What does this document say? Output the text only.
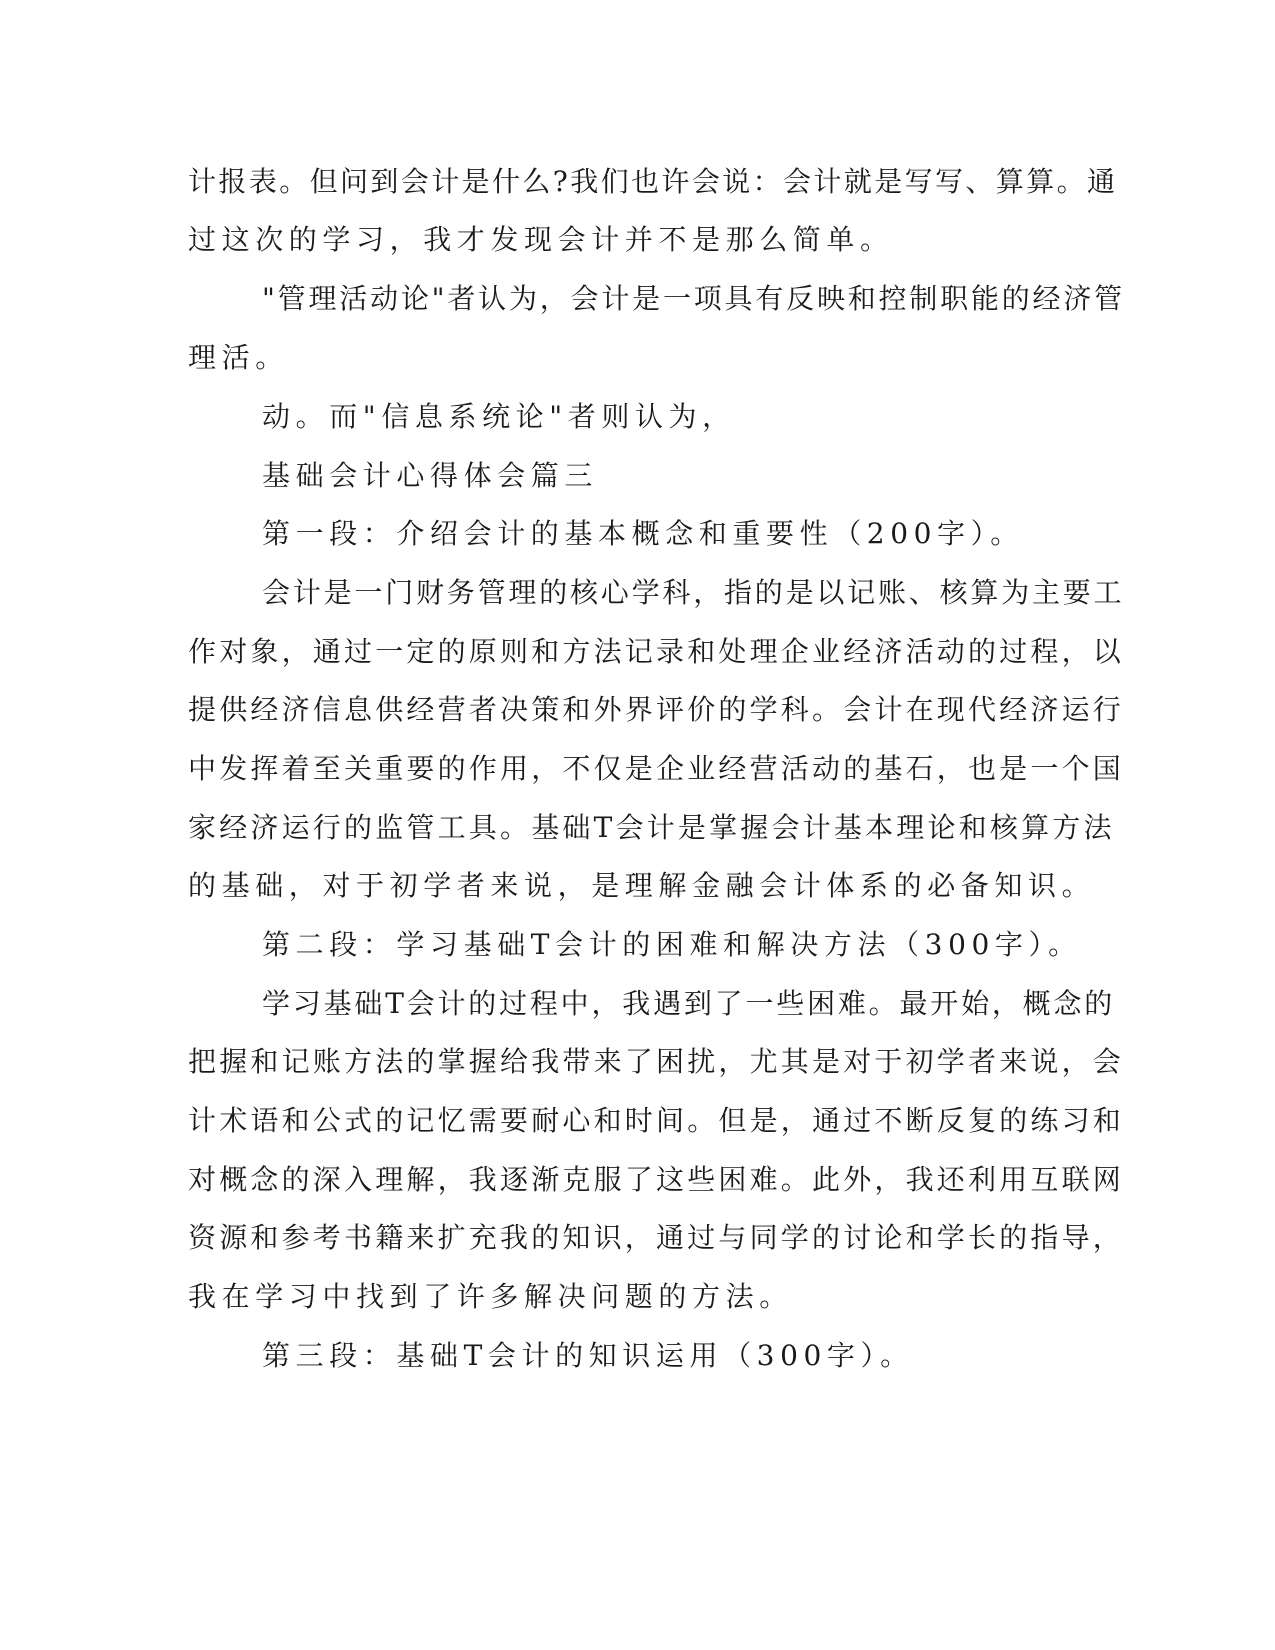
计报表。但问到会计是什么?我们也许会说：会计就是写写、算算。通
过这次的学习，我才发现会计并不是那么简单。
"管理活动论"者认为，会计是一项具有反映和控制职能的经济管
理活。
动。而"信息系统论"者则认为，
基础会计心得体会篇三
第一段：介绍会计的基本概念和重要性（200字）。
会计是一门财务管理的核心学科，指的是以记账、核算为主要工
作对象，通过一定的原则和方法记录和处理企业经济活动的过程，以
提供经济信息供经营者决策和外界评价的学科。会计在现代经济运行
中发挥着至关重要的作用，不仅是企业经营活动的基石，也是一个国
家经济运行的监管工具。基础T会计是掌握会计基本理论和核算方法
的基础，对于初学者来说，是理解金融会计体系的必备知识。
第二段：学习基础T会计的困难和解决方法（300字）。
学习基础T会计的过程中，我遇到了一些困难。最开始，概念的
把握和记账方法的掌握给我带来了困扰，尤其是对于初学者来说，会
计术语和公式的记忆需要耐心和时间。但是，通过不断反复的练习和
对概念的深入理解，我逐渐克服了这些困难。此外，我还利用互联网
资源和参考书籍来扩充我的知识，通过与同学的讨论和学长的指导，
我在学习中找到了许多解决问题的方法。
第三段：基础T会计的知识运用（300字）。
